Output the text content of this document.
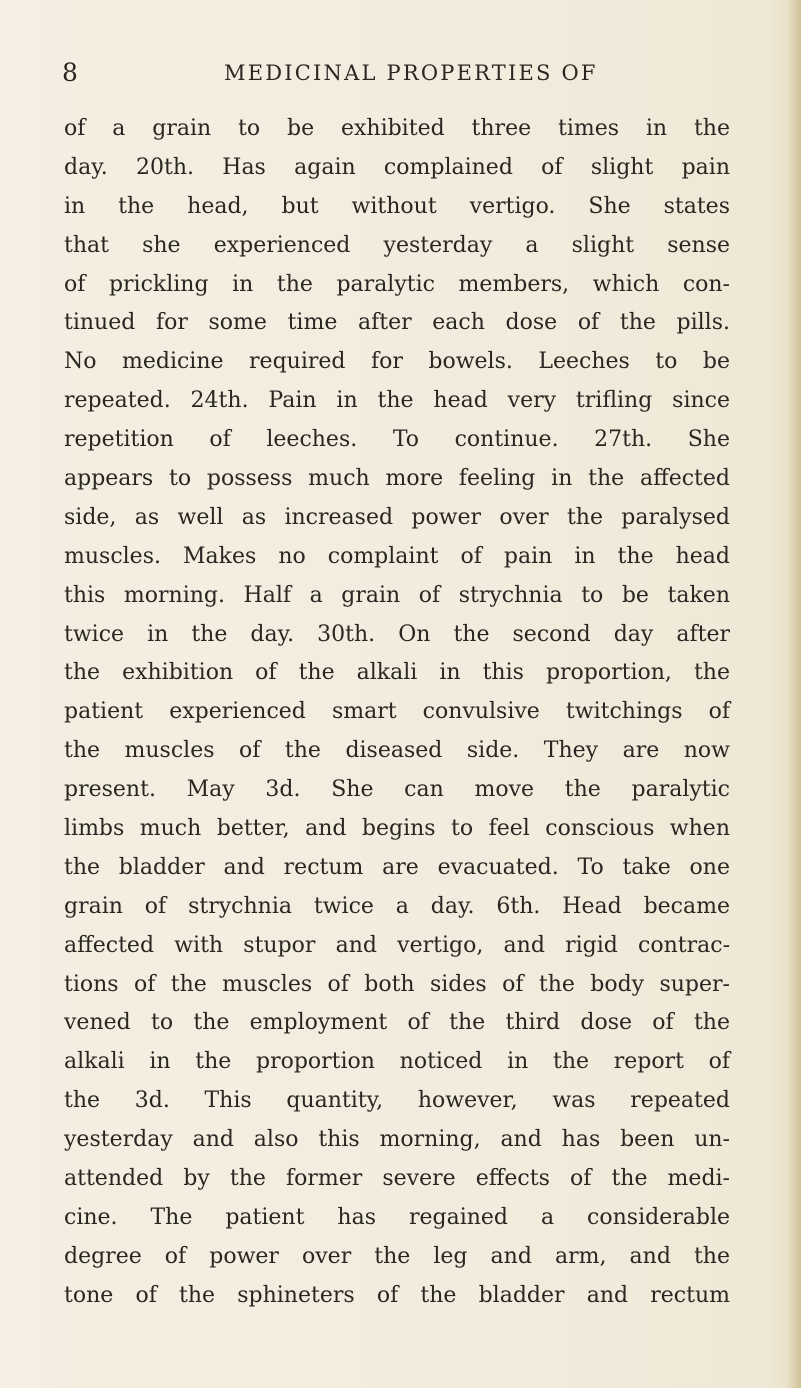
8	MEDICINAL PROPERTIES OF
of a grain to be exhibited three times in the
day. 20th. Has again complained of slight pain
in the head, but without vertigo. She states
that she experienced yesterday a slight sense
of prickling in the paralytic members, which con-
tinued for some time after each dose of the pills.
No medicine required for bowels. Leeches to be
repeated. 24th. Pain in the head very trifling since
repetition of leeches. To continue. 27th. She
appears to possess much more feeling in the affected
side, as well as increased power over the paralysed
muscles. Makes no complaint of pain in the head
this morning. Half a grain of strychnia to be taken
twice in the day. 30th. On the second day after
the exhibition of the alkali in this proportion, the
patient experienced smart convulsive twitchings of
the muscles of the diseased side. They are now
present. May 3d. She can move the paralytic
limbs much better, and begins to feel conscious when
the bladder and rectum are evacuated. To take one
grain of strychnia twice a day. 6th. Head became
affected with stupor and vertigo, and rigid contrac-
tions of the muscles of both sides of the body super-
vened to the employment of the third dose of the
alkali in the proportion noticed in the report of
the 3d. This quantity, however, was repeated
yesterday and also this morning, and has been un-
attended by the former severe effects of the medi-
cine. The patient has regained a considerable
degree of power over the leg and arm, and the
tone of the sphineters of the bladder and rectum
